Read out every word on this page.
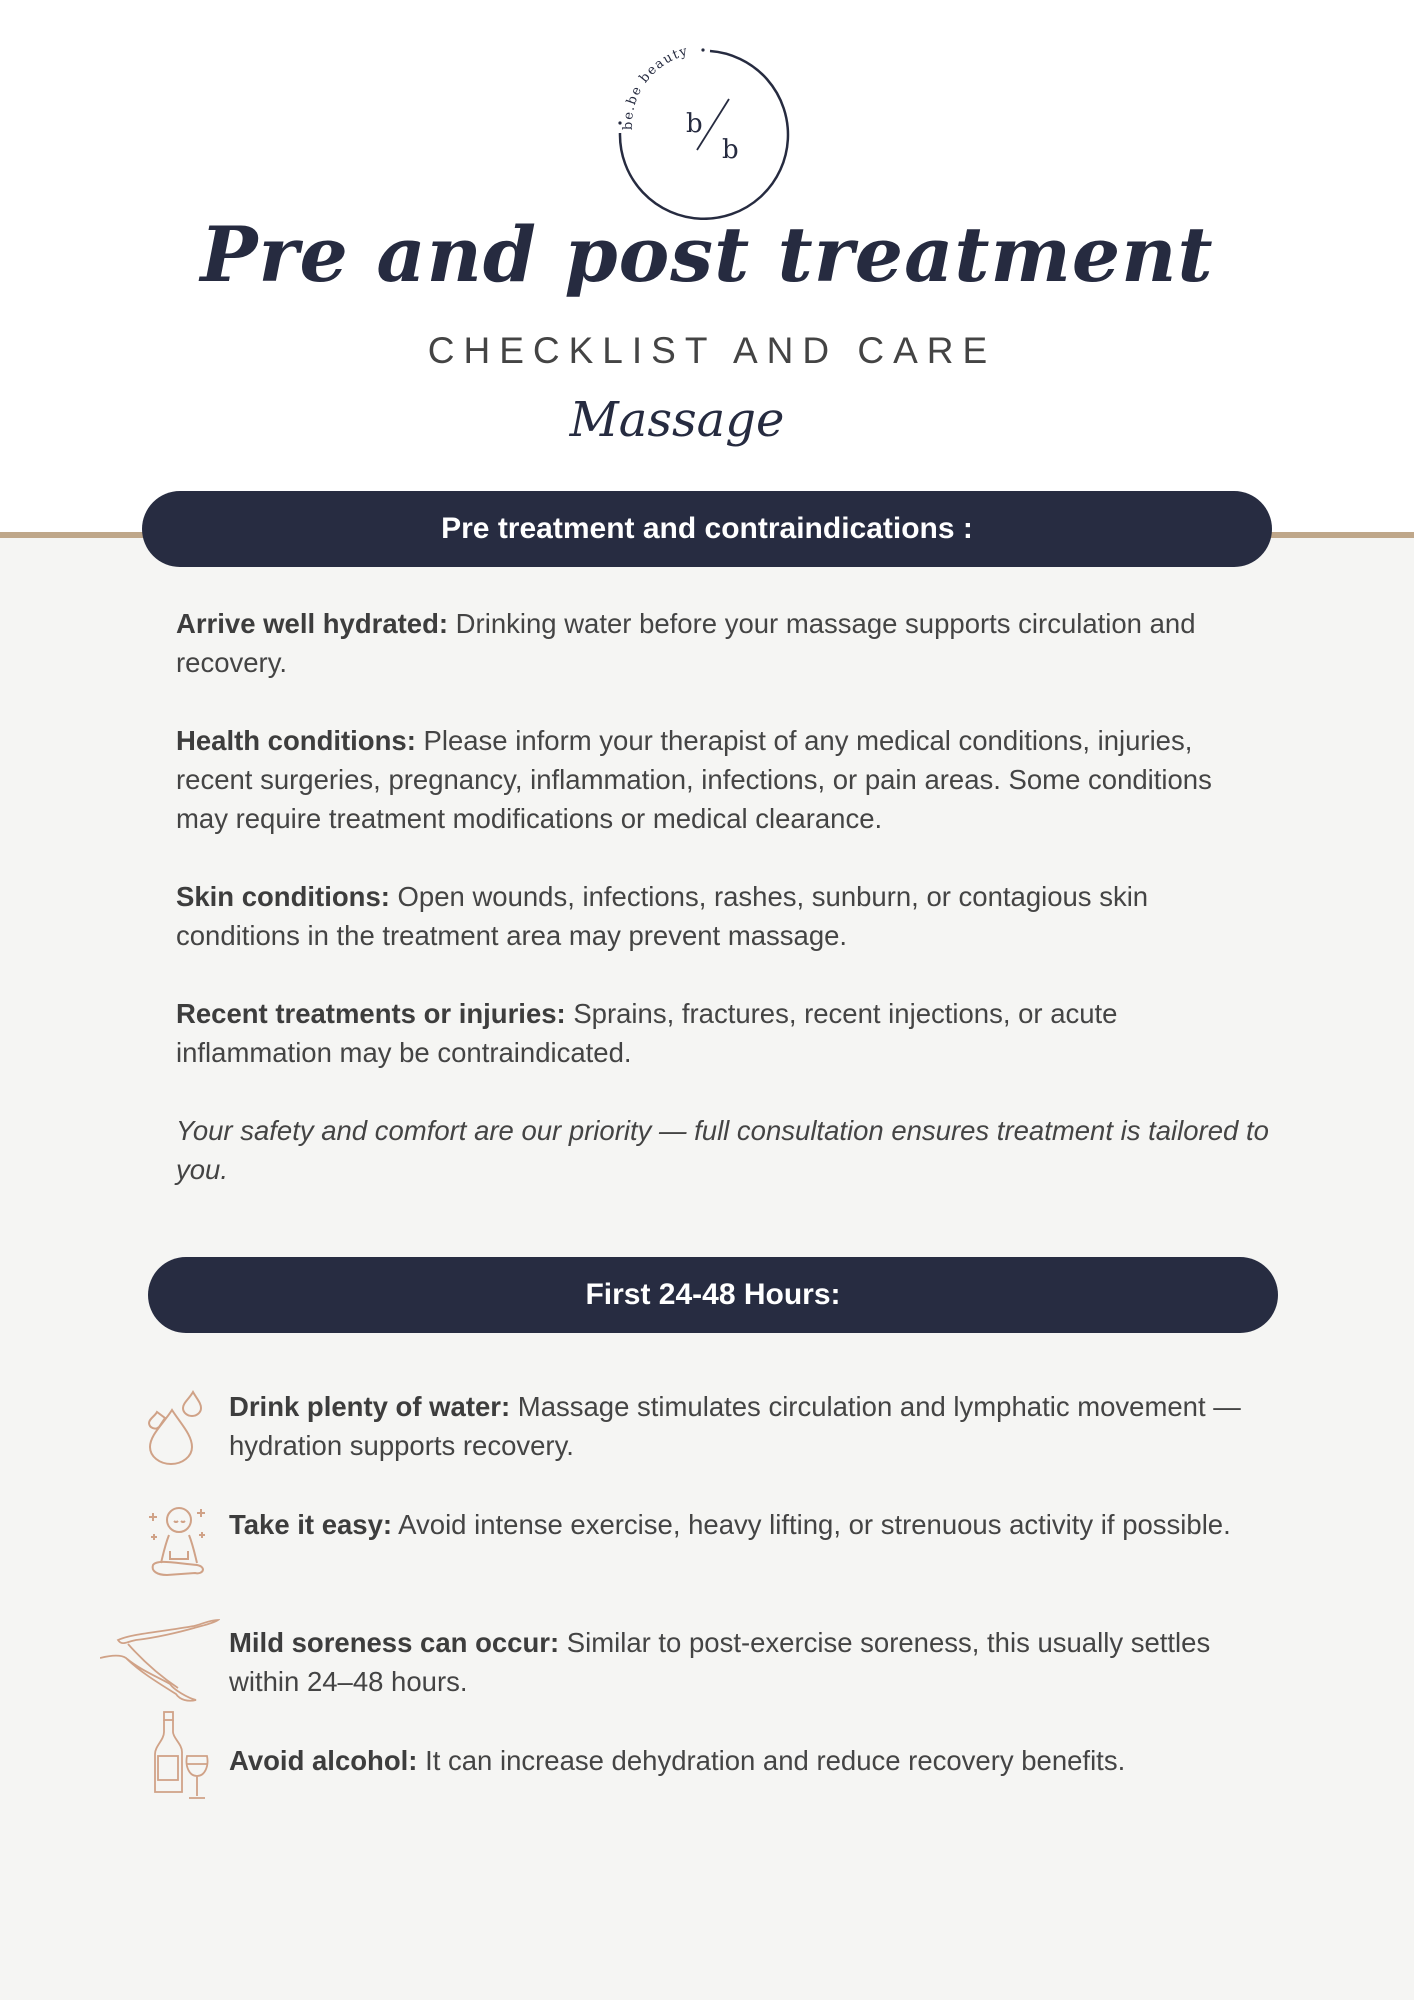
be.be beauty
b
b
Pre and post treatment
CHECKLIST AND CARE
Massage
Pre treatment and contraindications :

Arrive well hydrated: Drinking water before your massage supports circulation and recovery.

Health conditions: Please inform your therapist of any medical conditions, injuries, recent surgeries, pregnancy, inflammation, infections, or pain areas. Some conditions may require treatment modifications or medical clearance.

Skin conditions: Open wounds, infections, rashes, sunburn, or contagious skin conditions in the treatment area may prevent massage.

Recent treatments or injuries: Sprains, fractures, recent injections, or acute inflammation may be contraindicated.

Your safety and comfort are our priority — full consultation ensures treatment is tailored to you.

First 24-48 Hours:
Drink plenty of water: Massage stimulates circulation and lymphatic movement — hydration supports recovery.
Take it easy: Avoid intense exercise, heavy lifting, or strenuous activity if possible.
Mild soreness can occur: Similar to post-exercise soreness, this usually settles within 24–48 hours.
Avoid alcohol: It can increase dehydration and reduce recovery benefits.
